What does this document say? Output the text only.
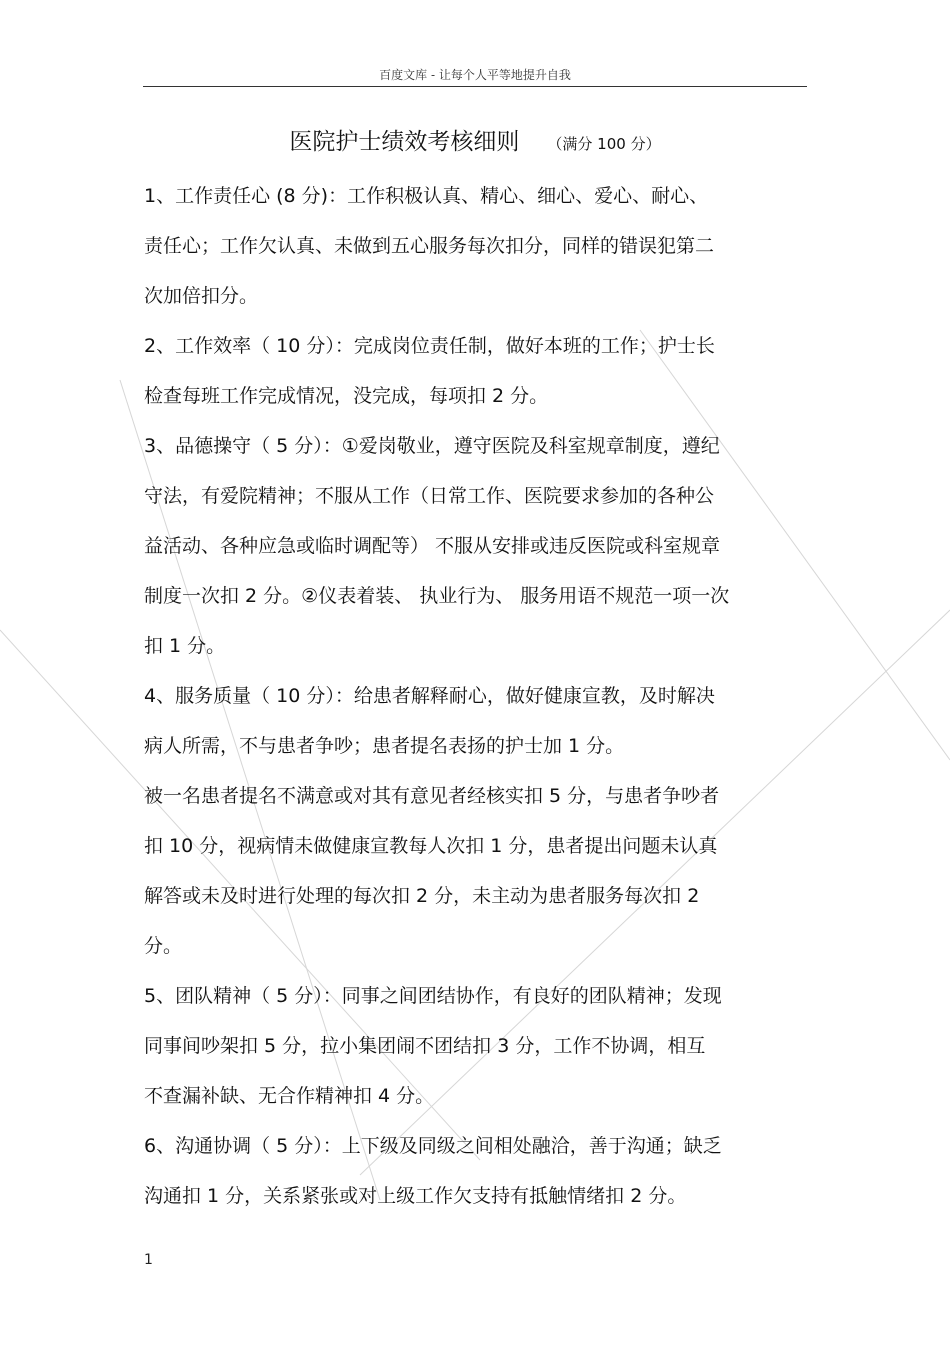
百度文库 - 让每个人平等地提升自我
医院护士绩效考核细则 （满分 100 分）
1、工作责任心 (8 分)：工作积极认真、精心、细心、爱心、耐心、
责任心；工作欠认真、未做到五心服务每次扣分，同样的错误犯第二
次加倍扣分。
2、工作效率（ 10 分）：完成岗位责任制，做好本班的工作；护士长
检查每班工作完成情况，没完成，每项扣 2 分。
3、品德操守（ 5 分）：①爱岗敬业，遵守医院及科室规章制度，遵纪
守法，有爱院精神；不服从工作（日常工作、医院要求参加的各种公
益活动、各种应急或临时调配等） 不服从安排或违反医院或科室规章
制度一次扣 2 分。②仪表着装、 执业行为、 服务用语不规范一项一次
扣 1 分。
4、服务质量（ 10 分）：给患者解释耐心，做好健康宣教，及时解决
病人所需，不与患者争吵；患者提名表扬的护士加 1 分。
被一名患者提名不满意或对其有意见者经核实扣 5 分，与患者争吵者
扣 10 分，视病情未做健康宣教每人次扣 1 分，患者提出问题未认真
解答或未及时进行处理的每次扣 2 分，未主动为患者服务每次扣 2
分。
5、团队精神（ 5 分）：同事之间团结协作，有良好的团队精神；发现
同事间吵架扣 5 分，拉小集团闹不团结扣 3 分，工作不协调，相互
不查漏补缺、无合作精神扣 4 分。
6、沟通协调（ 5 分）：上下级及同级之间相处融洽，善于沟通；缺乏
沟通扣 1 分，关系紧张或对上级工作欠支持有抵触情绪扣 2 分。
1
